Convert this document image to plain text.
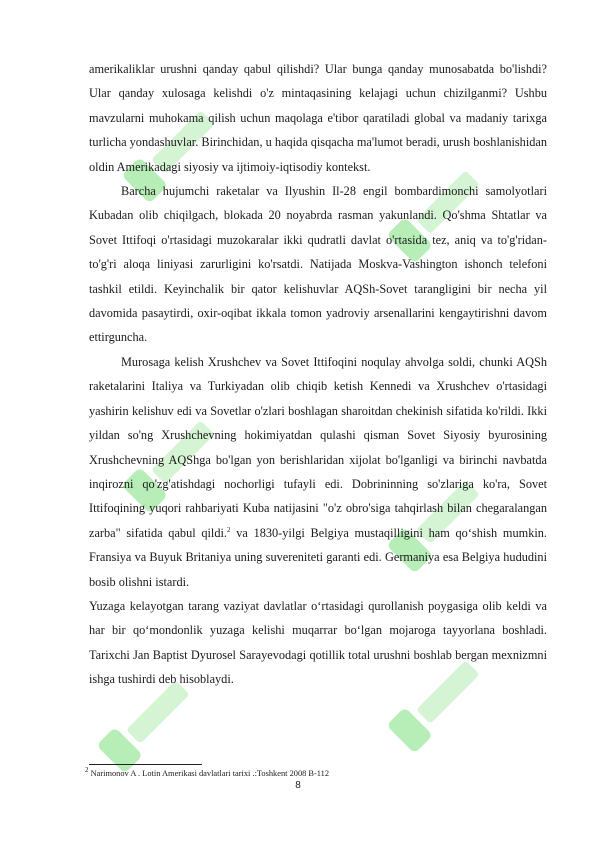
amerikaliklar urushni qanday qabul qilishdi? Ular bunga qanday munosabatda bo'lishdi? Ular qanday xulosaga kelishdi o'z mintaqasining kelajagi uchun chizilganmi? Ushbu mavzularni muhokama qilish uchun maqolaga e'tibor qaratiladi global va madaniy tarixga turlicha yondashuvlar. Birinchidan, u haqida qisqacha ma'lumot beradi, urush boshlanishidan oldin Amerikadagi siyosiy va ijtimoiy-iqtisodiy kontekst.

Barcha hujumchi raketalar va Ilyushin Il-28 engil bombardimonchi samolyotlari Kubadan olib chiqilgach, blokada 20 noyabrda rasman yakunlandi. Qo'shma Shtatlar va Sovet Ittifoqi o'rtasidagi muzokaralar ikki qudratli davlat o'rtasida tez, aniq va to'g'ridan-to'g'ri aloqa liniyasi zarurligini ko'rsatdi. Natijada Moskva-Vashington ishonch telefoni tashkil etildi. Keyinchalik bir qator kelishuvlar AQSh-Sovet tarangligini bir necha yil davomida pasaytirdi, oxir-oqibat ikkala tomon yadroviy arsenallarini kengaytirishni davom ettirguncha.

Murosaga kelish Xrushchev va Sovet Ittifoqini noqulay ahvolga soldi, chunki AQSh raketalarini Italiya va Turkiyadan olib chiqib ketish Kennedi va Xrushchev o'rtasidagi yashirin kelishuv edi va Sovetlar o'zlari boshlagan sharoitdan chekinish sifatida ko'rildi. Ikki yildan so'ng Xrushchevning hokimiyatdan qulashi qisman Sovet Siyosiy byurosining Xrushchevning AQShga bo'lgan yon berishlaridan xijolat bo'lganligi va birinchi navbatda inqirozni qo'zg'atishdagi nochorligi tufayli edi. Dobrininning so'zlariga ko'ra, Sovet Ittifoqining yuqori rahbariyati Kuba natijasini "o'z obro'siga tahqirlash bilan chegaralangan zarba" sifatida qabul qildi.$^2$ va 1830-yilgi Belgiya mustaqilligini ham qo‘shish mumkin. Fransiya va Buyuk Britaniya uning suvereniteti garanti edi. Germaniya esa Belgiya hududini bosib olishni istardi.

Yuzaga kelayotgan tarang vaziyat davlatlar o‘rtasidagi qurollanish poygasiga olib keldi va har bir qo‘mondonlik yuzaga kelishi muqarrar bo‘lgan mojaroga tayyorlana boshladi. Tarixchi Jan Baptist Dyurosel Sarayevodagi qotillik total urushni boshlab bergan mexnizmni ishga tushirdi deb hisoblaydi.

$^2$ Narimonov A . Lotin Amerikasi davlatlari tarixi .:Toshkent 2008 B-112
8
